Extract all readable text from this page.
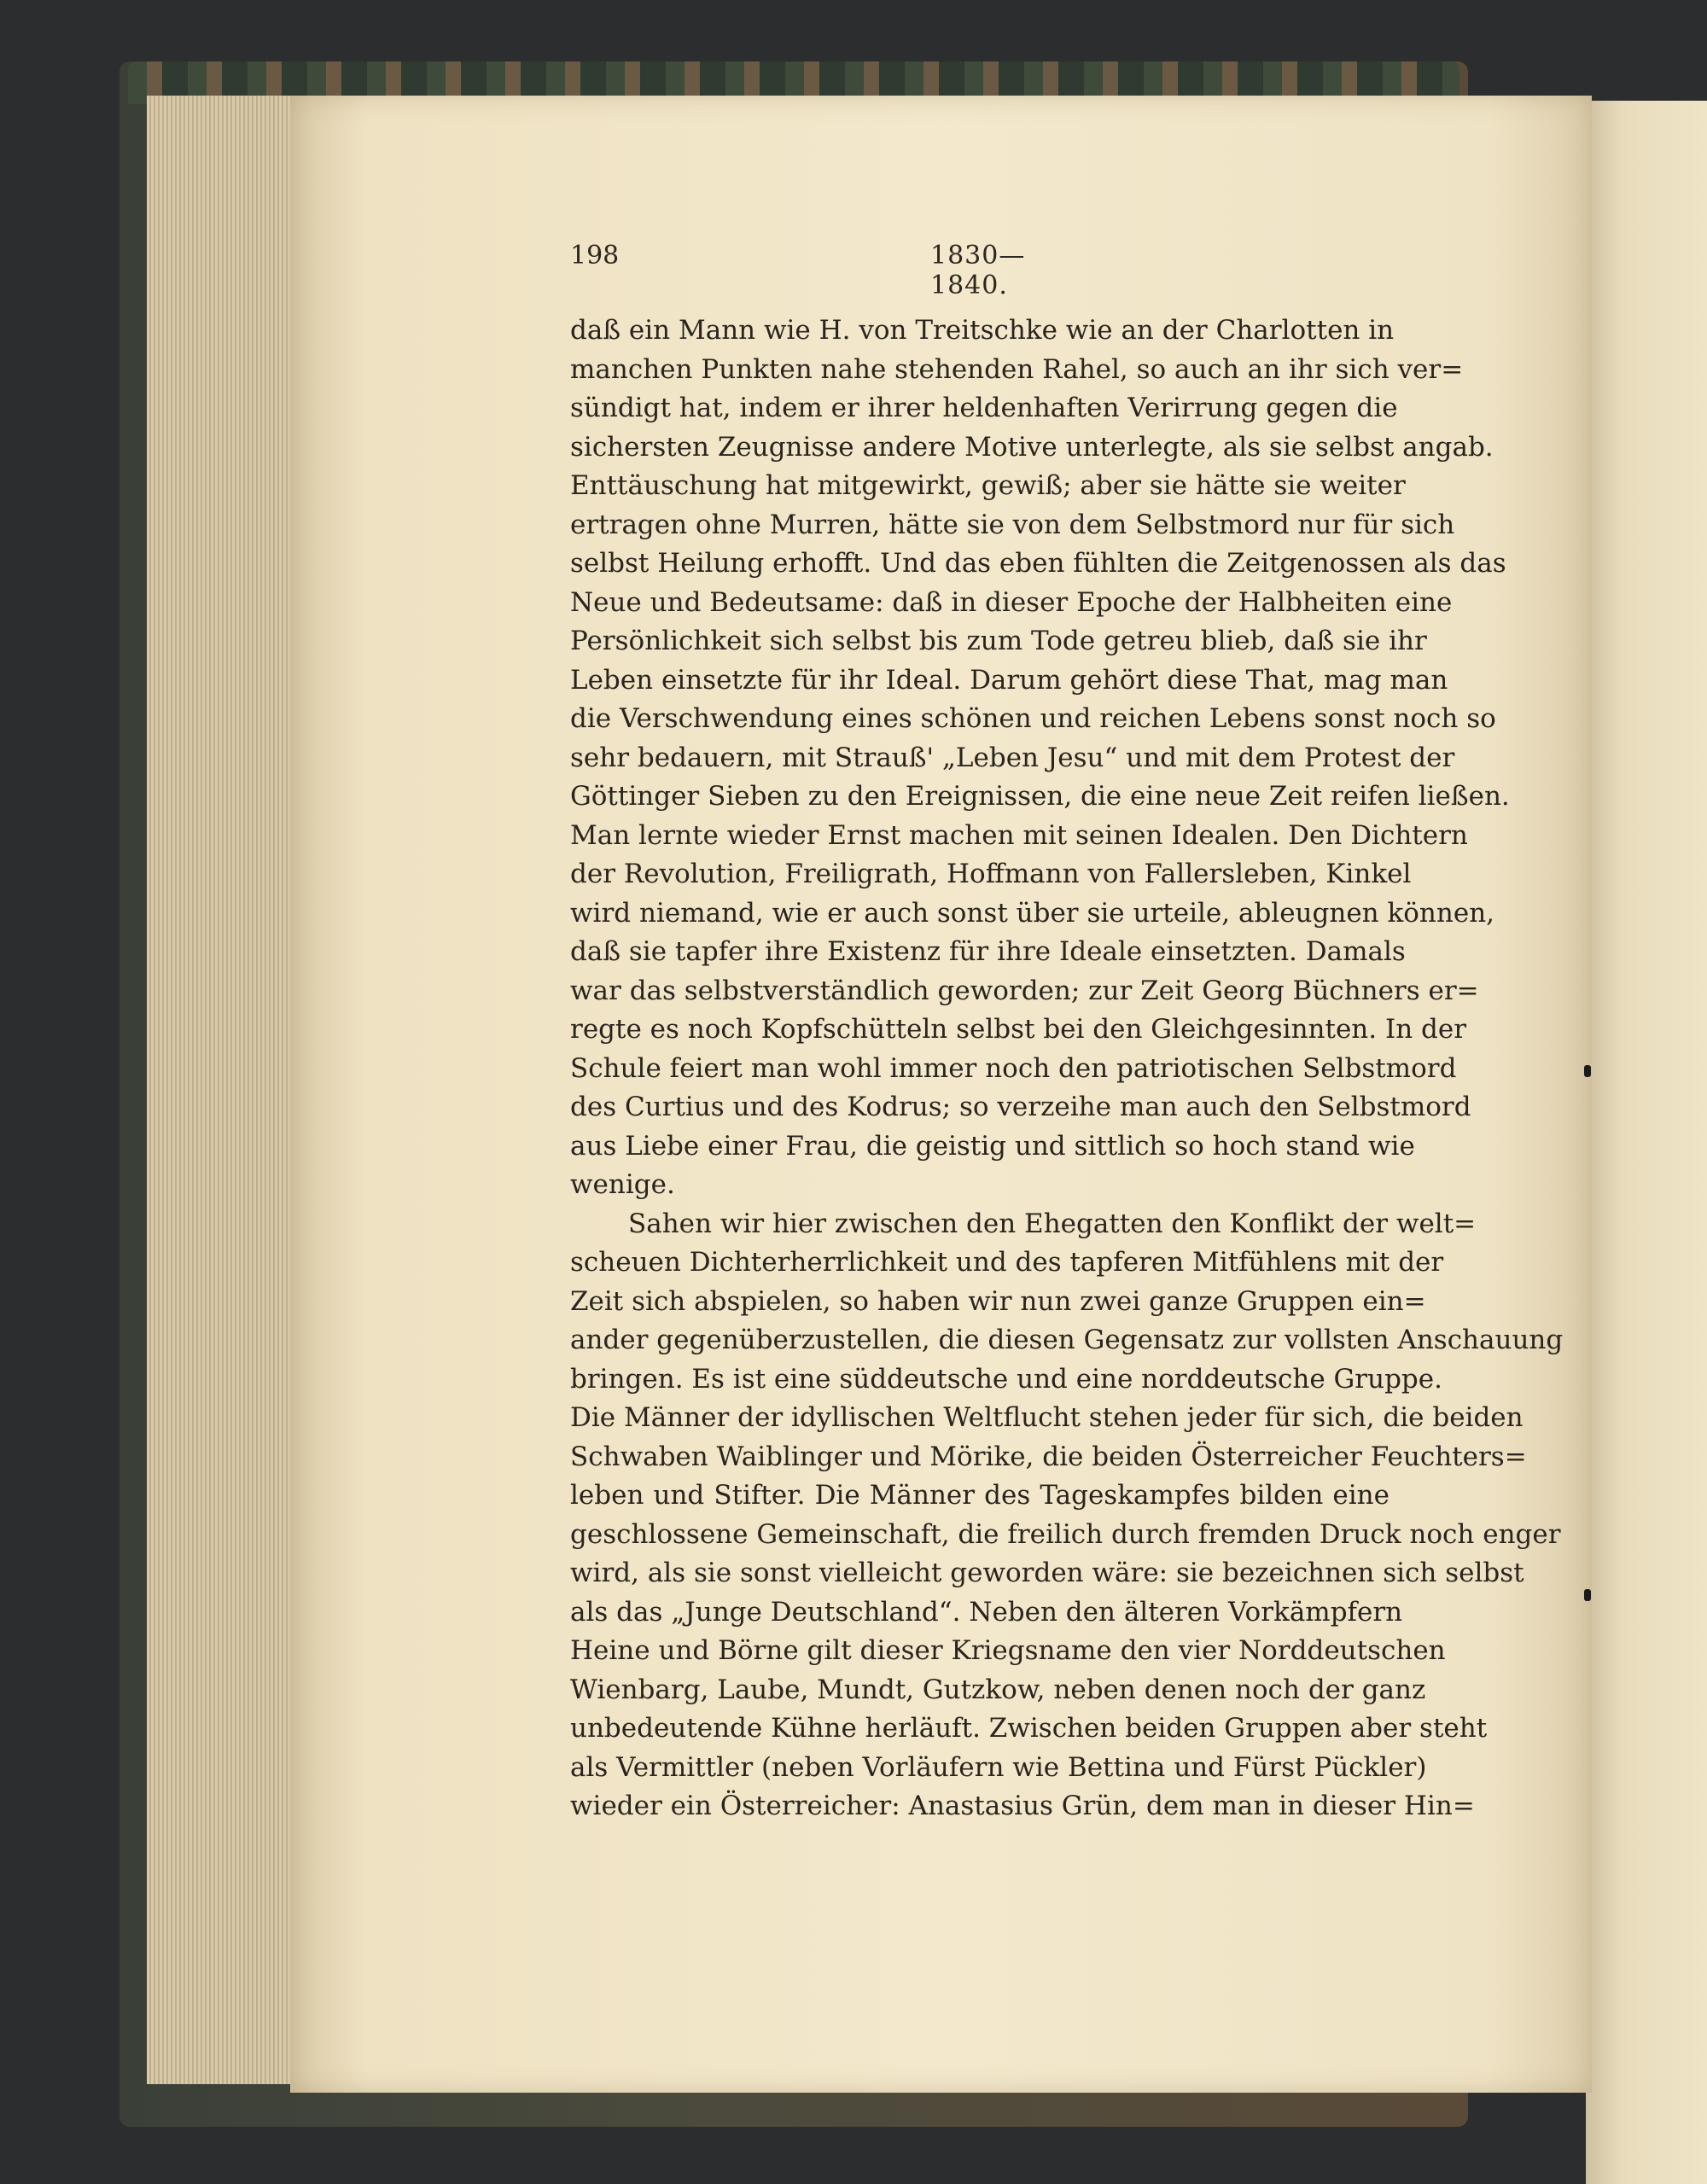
198	1830—1840.
daß ein Mann wie H. von Treitschke wie an der Charlotten in
manchen Punkten nahe stehenden Rahel, so auch an ihr sich ver=
sündigt hat, indem er ihrer heldenhaften Verirrung gegen die
sichersten Zeugnisse andere Motive unterlegte, als sie selbst angab.
Enttäuschung hat mitgewirkt, gewiß; aber sie hätte sie weiter
ertragen ohne Murren, hätte sie von dem Selbstmord nur für sich
selbst Heilung erhofft. Und das eben fühlten die Zeitgenossen als das
Neue und Bedeutsame: daß in dieser Epoche der Halbheiten eine
Persönlichkeit sich selbst bis zum Tode getreu blieb, daß sie ihr
Leben einsetzte für ihr Ideal. Darum gehört diese That, mag man
die Verschwendung eines schönen und reichen Lebens sonst noch so
sehr bedauern, mit Strauß' „Leben Jesu“ und mit dem Protest der
Göttinger Sieben zu den Ereignissen, die eine neue Zeit reifen ließen.
Man lernte wieder Ernst machen mit seinen Idealen. Den Dichtern
der Revolution, Freiligrath, Hoffmann von Fallersleben, Kinkel
wird niemand, wie er auch sonst über sie urteile, ableugnen können,
daß sie tapfer ihre Existenz für ihre Ideale einsetzten. Damals
war das selbstverständlich geworden; zur Zeit Georg Büchners er=
regte es noch Kopfschütteln selbst bei den Gleichgesinnten. In der
Schule feiert man wohl immer noch den patriotischen Selbstmord
des Curtius und des Kodrus; so verzeihe man auch den Selbstmord
aus Liebe einer Frau, die geistig und sittlich so hoch stand wie
wenige.
Sahen wir hier zwischen den Ehegatten den Konflikt der welt=
scheuen Dichterherrlichkeit und des tapferen Mitfühlens mit der
Zeit sich abspielen, so haben wir nun zwei ganze Gruppen ein=
ander gegenüberzustellen, die diesen Gegensatz zur vollsten Anschauung
bringen. Es ist eine süddeutsche und eine norddeutsche Gruppe.
Die Männer der idyllischen Weltflucht stehen jeder für sich, die beiden
Schwaben Waiblinger und Mörike, die beiden Österreicher Feuchters=
leben und Stifter. Die Männer des Tageskampfes bilden eine
geschlossene Gemeinschaft, die freilich durch fremden Druck noch enger
wird, als sie sonst vielleicht geworden wäre: sie bezeichnen sich selbst
als das „Junge Deutschland“. Neben den älteren Vorkämpfern
Heine und Börne gilt dieser Kriegsname den vier Norddeutschen
Wienbarg, Laube, Mundt, Gutzkow, neben denen noch der ganz
unbedeutende Kühne herläuft. Zwischen beiden Gruppen aber steht
als Vermittler (neben Vorläufern wie Bettina und Fürst Pückler)
wieder ein Österreicher: Anastasius Grün, dem man in dieser Hin=
